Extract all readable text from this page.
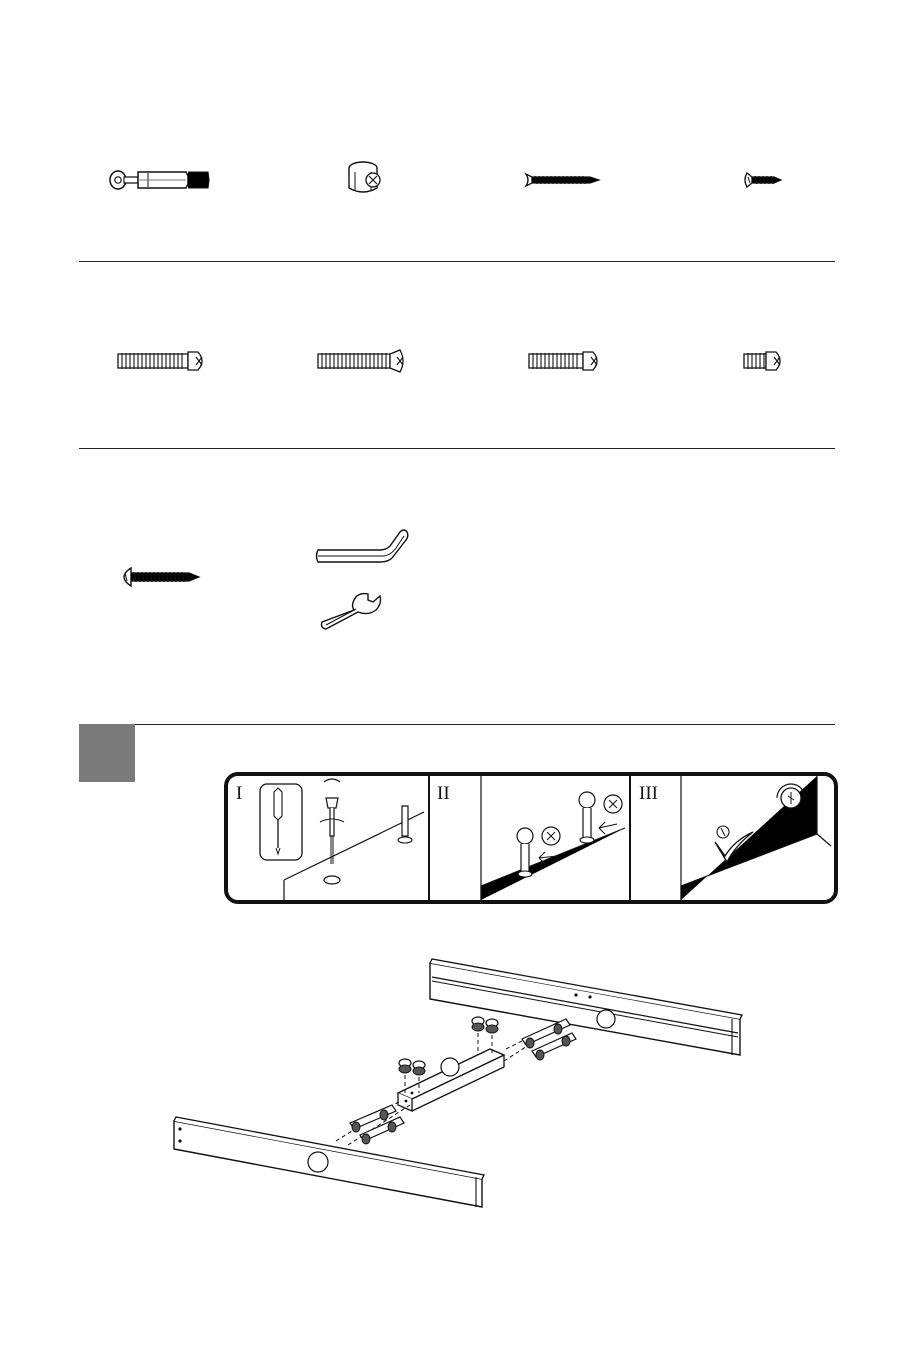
I	II	III
